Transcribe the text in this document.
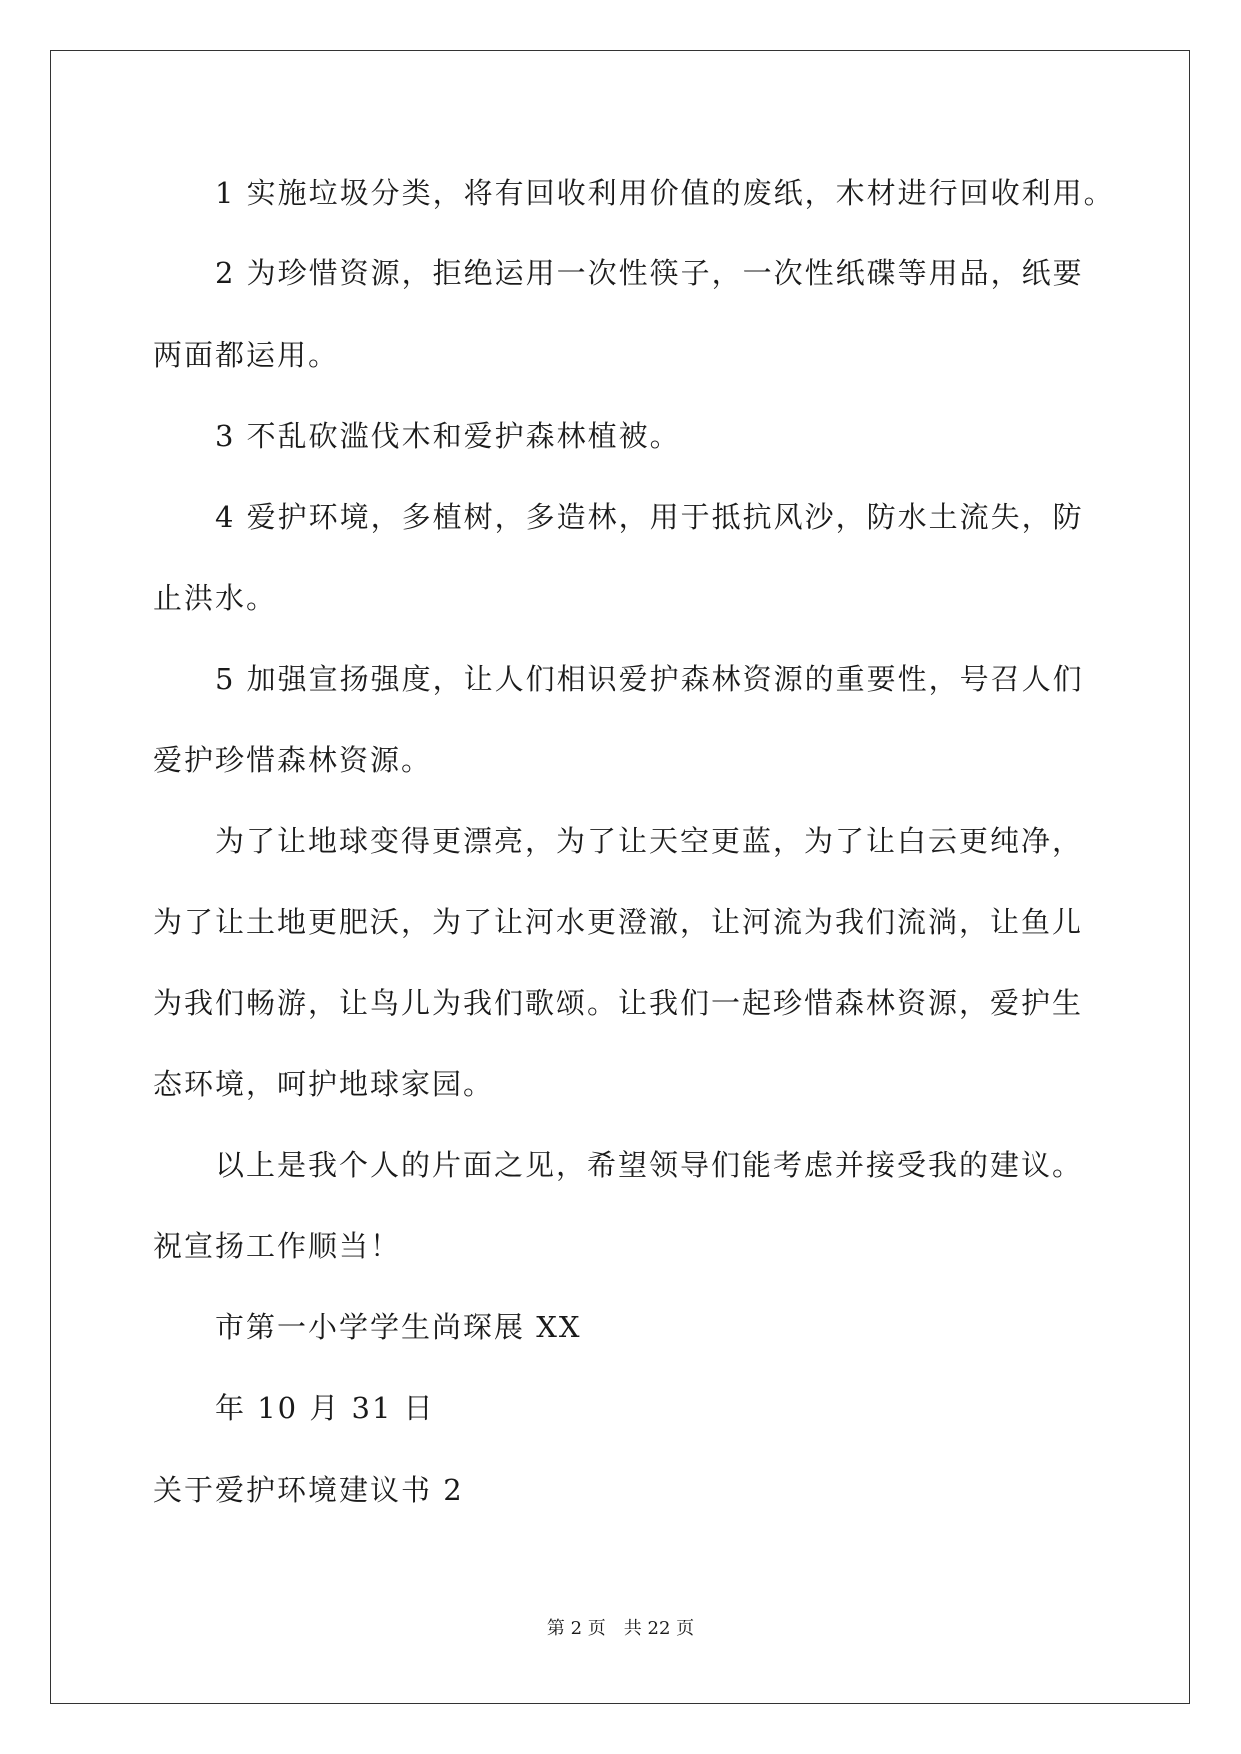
1 实施垃圾分类，将有回收利用价值的废纸，木材进行回收利用。
2 为珍惜资源，拒绝运用一次性筷子，一次性纸碟等用品，纸要
两面都运用。
3 不乱砍滥伐木和爱护森林植被。
4 爱护环境，多植树，多造林，用于抵抗风沙，防水土流失，防
止洪水。
5 加强宣扬强度，让人们相识爱护森林资源的重要性，号召人们
爱护珍惜森林资源。
为了让地球变得更漂亮，为了让天空更蓝，为了让白云更纯净，
为了让土地更肥沃，为了让河水更澄澈，让河流为我们流淌，让鱼儿
为我们畅游，让鸟儿为我们歌颂。让我们一起珍惜森林资源，爱护生
态环境，呵护地球家园。
以上是我个人的片面之见，希望领导们能考虑并接受我的建议。
祝宣扬工作顺当！
市第一小学学生尚琛展 XX
年 10 月 31 日
关于爱护环境建议书 2
第 2 页 共 22 页
